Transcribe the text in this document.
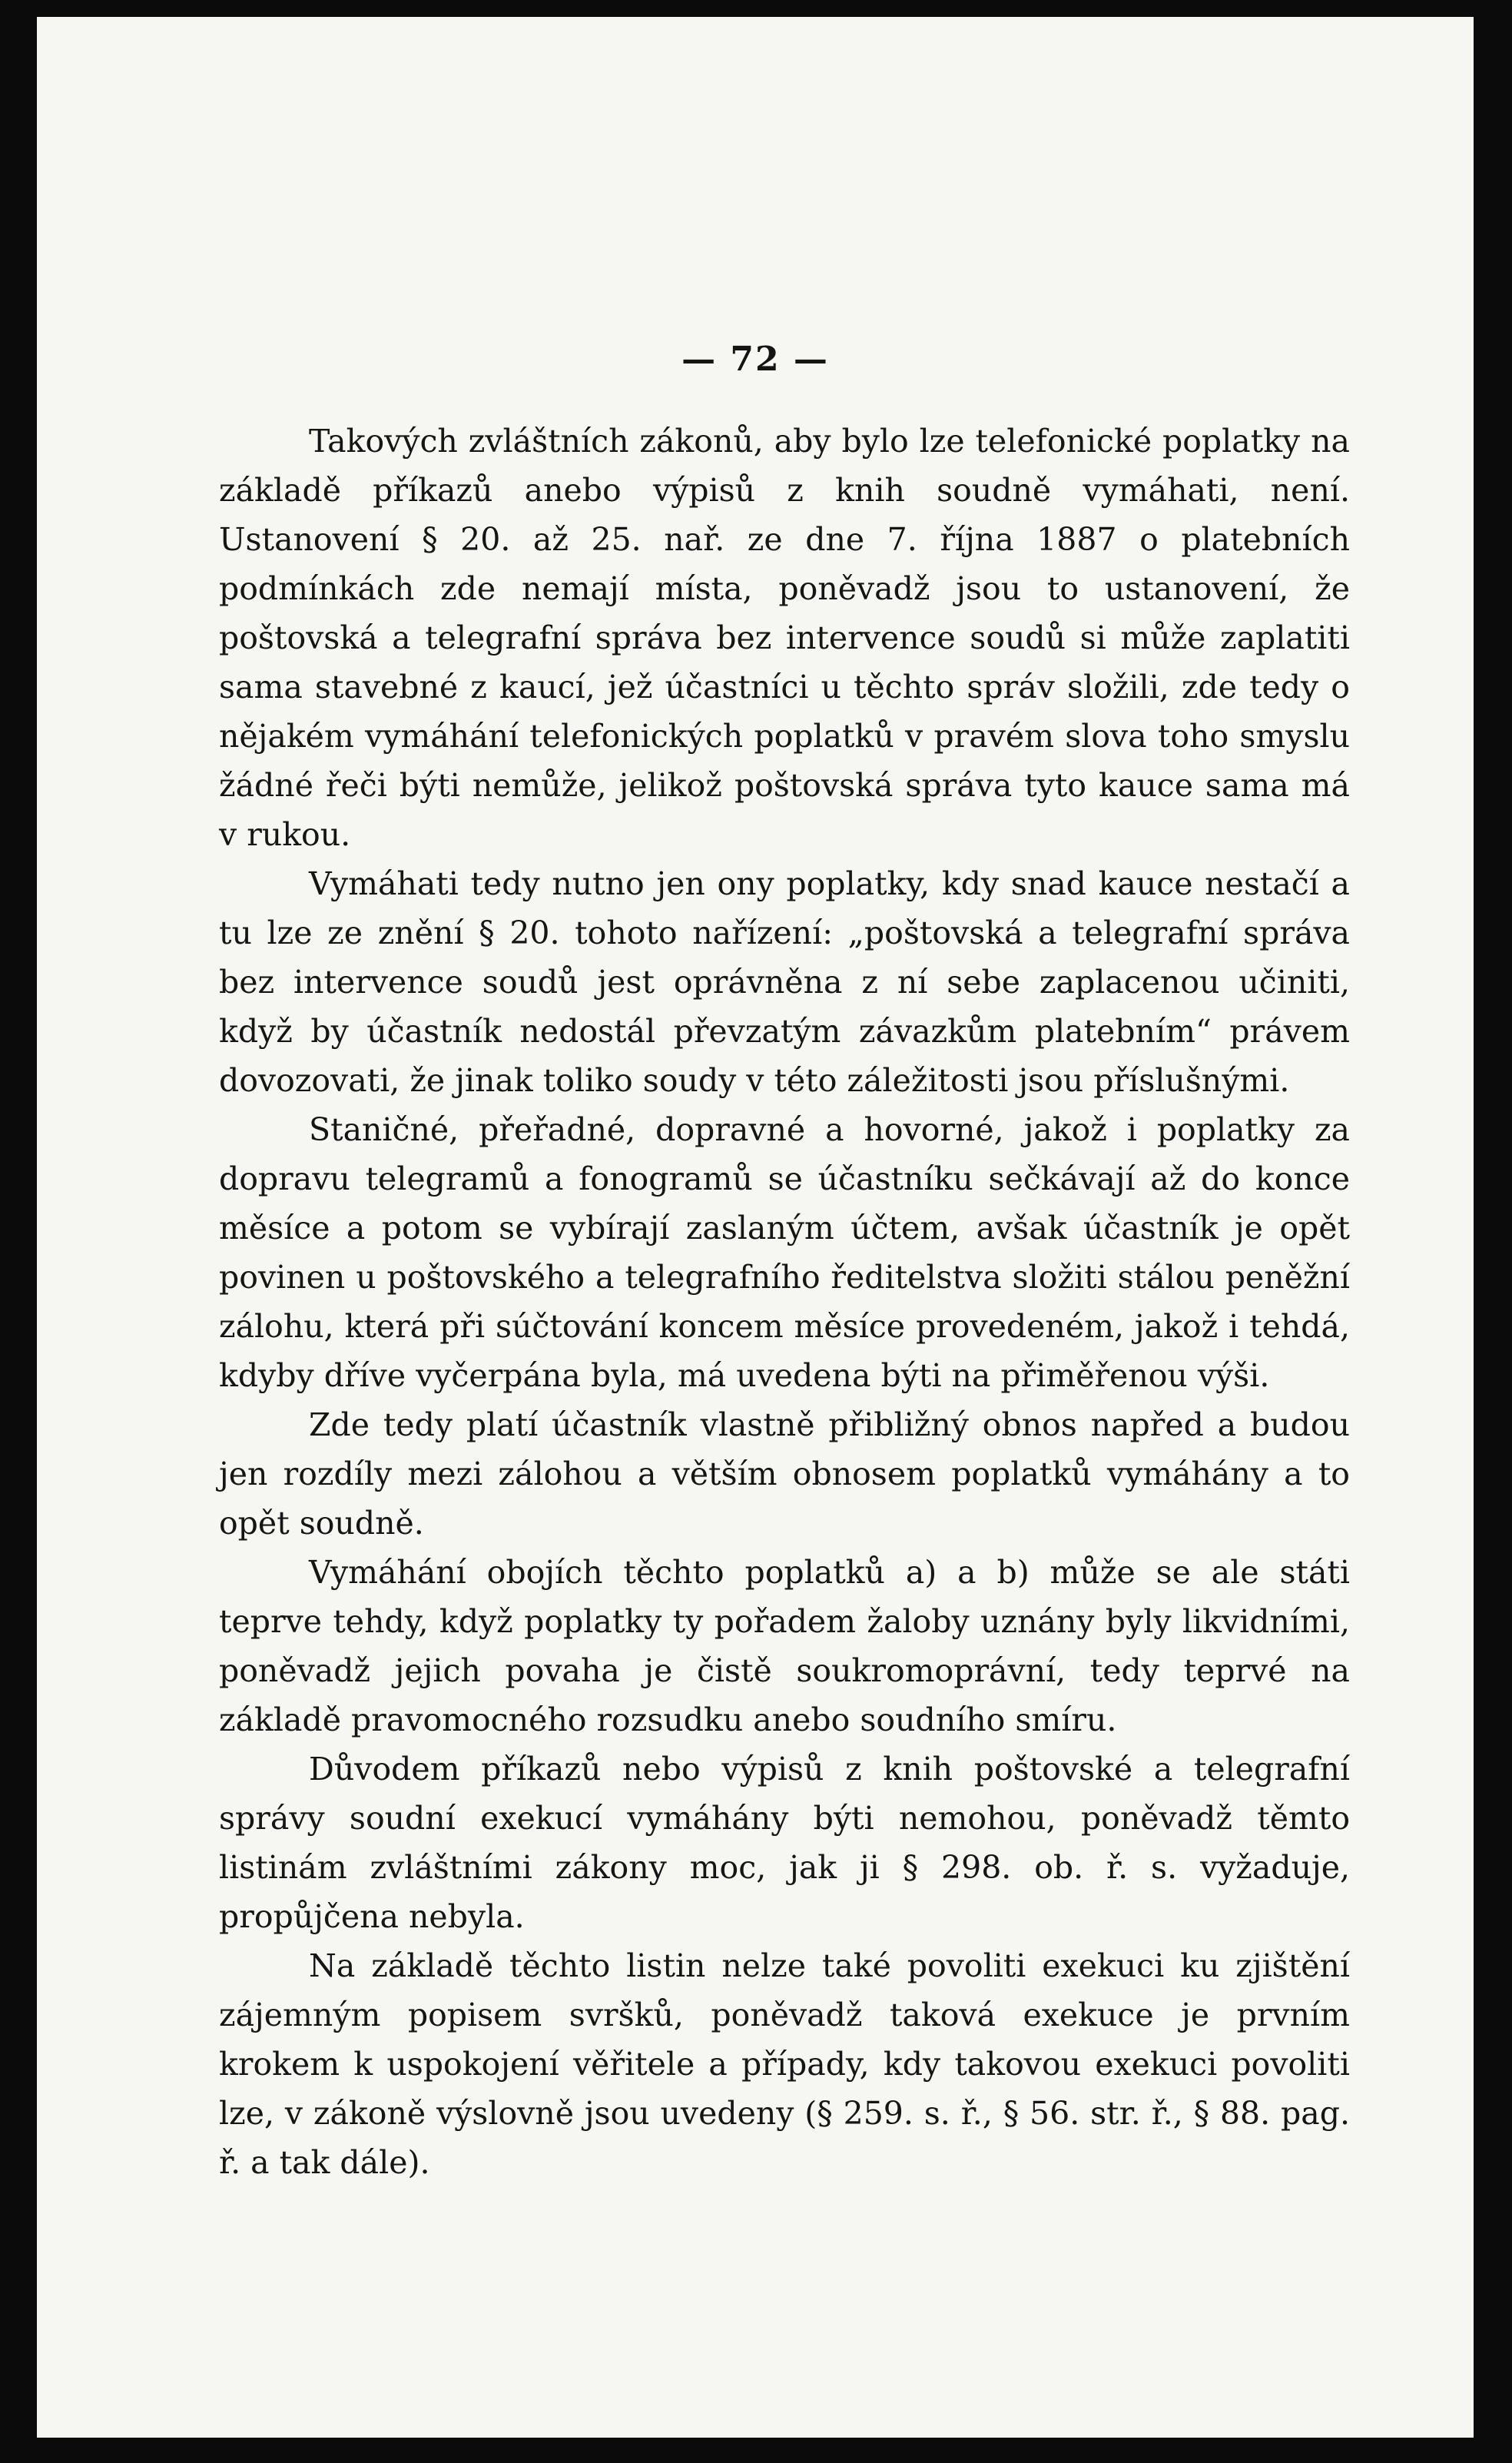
— 72 —

Takových zvláštních zákonů, aby bylo lze telefonické poplatky na základě příkazů anebo výpisů z knih soudně vymáhati, není. Ustanovení § 20. až 25. nař. ze dne 7. října 1887 o platebních podmínkách zde nemají místa, poněvadž jsou to ustanovení, že poštovská a telegrafní správa bez intervence soudů si může zaplatiti sama stavebné z kaucí, jež účastníci u těchto správ složili, zde tedy o nějakém vymáhání telefonických poplatků v pravém slova toho smyslu žádné řeči býti nemůže, jelikož poštovská správa tyto kauce sama má v rukou.

Vymáhati tedy nutno jen ony poplatky, kdy snad kauce nestačí a tu lze ze znění § 20. tohoto nařízení: „poštovská a telegrafní správa bez intervence soudů jest oprávněna z ní sebe zaplacenou učiniti, když by účastník nedostál převzatým závazkům platebním“ právem dovozovati, že jinak toliko soudy v této záležitosti jsou příslušnými.

Staničné, přeřadné, dopravné a hovorné, jakož i poplatky za dopravu telegramů a fonogramů se účastníku sečkávají až do konce měsíce a potom se vybírají zaslaným účtem, avšak účastník je opět povinen u poštovského a telegrafního ředitelstva složiti stálou peněžní zálohu, která při súčtování koncem měsíce provedeném, jakož i tehdá, kdyby dříve vyčerpána byla, má uvedena býti na přiměřenou výši.

Zde tedy platí účastník vlastně přibližný obnos napřed a budou jen rozdíly mezi zálohou a větším obnosem poplatků vymáhány a to opět soudně.

Vymáhání obojích těchto poplatků a) a b) může se ale státi teprve tehdy, když poplatky ty pořadem žaloby uznány byly likvidními, poněvadž jejich povaha je čistě soukromoprávní, tedy teprvé na základě pravomocného rozsudku anebo soudního smíru.

Důvodem příkazů nebo výpisů z knih poštovské a telegrafní správy soudní exekucí vymáhány býti nemohou, poněvadž těmto listinám zvláštními zákony moc, jak ji § 298. ob. ř. s. vyžaduje, propůjčena nebyla.

Na základě těchto listin nelze také povoliti exekuci ku zjištění zájemným popisem svršků, poněvadž taková exekuce je prvním krokem k uspokojení věřitele a případy, kdy takovou exekuci povoliti lze, v zákoně výslovně jsou uvedeny (§ 259. s. ř., § 56. str. ř., § 88. pag. ř. a tak dále).
